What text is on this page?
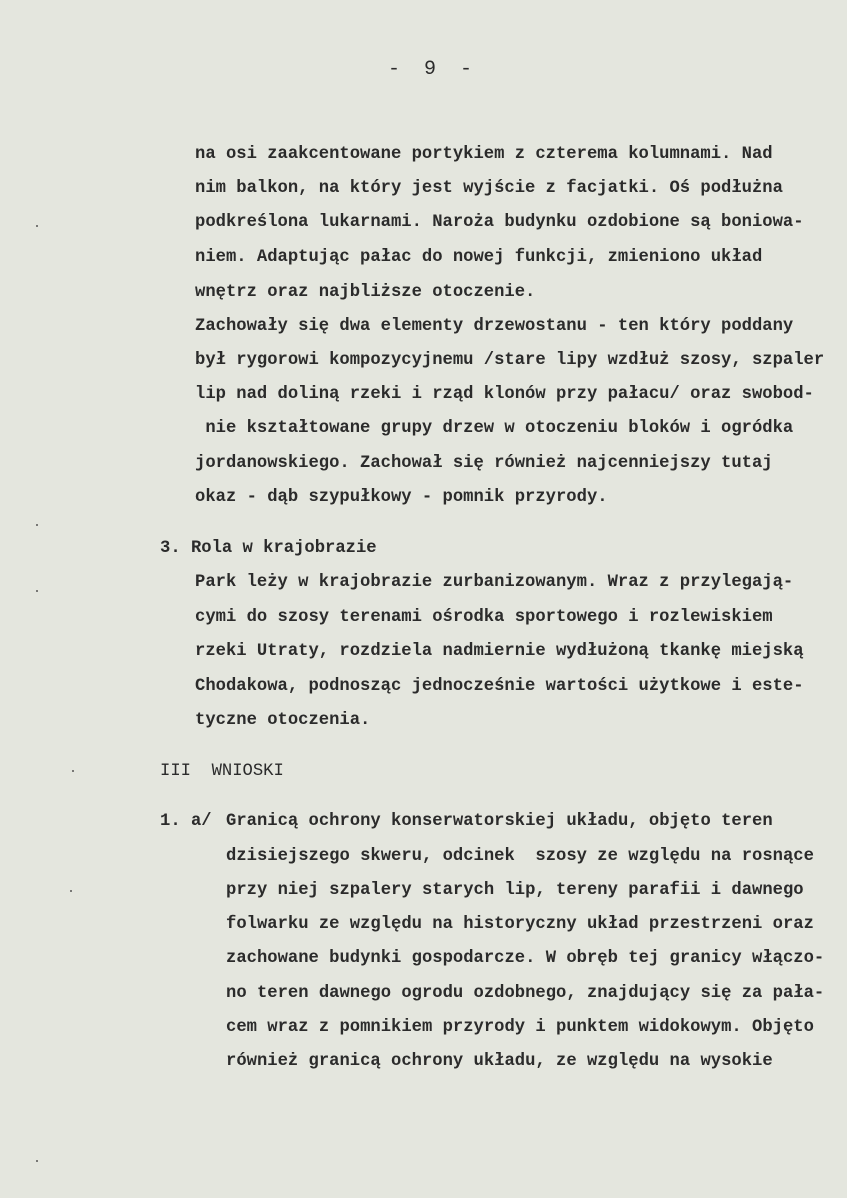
-  9  -
na osi zaakcentowane portykiem z czterema kolumnami. Nad
nim balkon, na który jest wyjście z facjatki. Oś podłużna
podkreślona lukarnami. Naroża budynku ozdobione są boniowa-
niem. Adaptując pałac do nowej funkcji, zmieniono układ
wnętrz oraz najbliższe otoczenie.
Zachowały się dwa elementy drzewostanu - ten który poddany
był rygorowi kompozycyjnemu /stare lipy wzdłuż szosy, szpaler
lip nad doliną rzeki i rząd klonów przy pałacu/ oraz swobod-
nie kształtowane grupy drzew w otoczeniu bloków i ogródka
jordanowskiego. Zachował się również najcenniejszy tutaj
okaz - dąb szypułkowy - pomnik przyrody.
3. Rola w krajobrazie
Park leży w krajobrazie zurbanizowanym. Wraz z przylegają-
cymi do szosy terenami ośrodka sportowego i rozlewiskiem
rzeki Utraty, rozdziela nadmiernie wydłużoną tkankę miejską
Chodakowa, podnosząc jednocześnie wartości użytkowe i este-
tyczne otoczenia.
III  WNIOSKI
1. a/ Granicą ochrony konserwatorskiej układu, objęto teren
dzisiejszego skweru, odcinek  szosy ze względu na rosnące
przy niej szpalery starych lip, tereny parafii i dawnego
folwarku ze względu na historyczny układ przestrzeni oraz
zachowane budynki gospodarcze. W obręb tej granicy włączo-
no teren dawnego ogrodu ozdobnego, znajdujący się za pała-
cem wraz z pomnikiem przyrody i punktem widokowym. Objęto
również granicą ochrony układu, ze względu na wysokie
